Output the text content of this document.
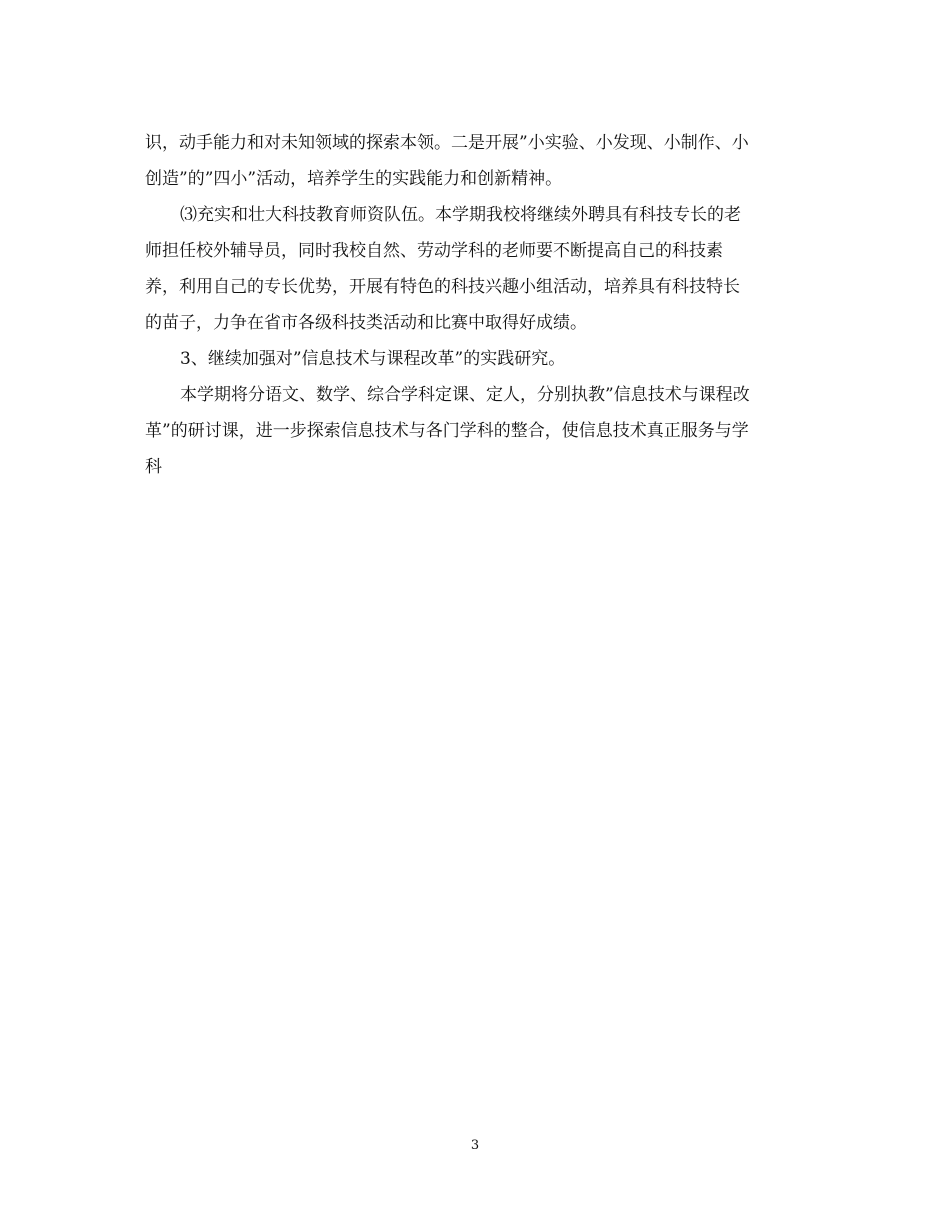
识，动手能力和对未知领域的探索本领。二是开展”小实验、小发现、小制作、小
创造”的”四小”活动，培养学生的实践能力和创新精神。
⑶充实和壮大科技教育师资队伍。本学期我校将继续外聘具有科技专长的老
师担任校外辅导员，同时我校自然、劳动学科的老师要不断提高自己的科技素
养，利用自己的专长优势，开展有特色的科技兴趣小组活动，培养具有科技特长
的苗子，力争在省市各级科技类活动和比赛中取得好成绩。
3、继续加强对”信息技术与课程改革”的实践研究。
本学期将分语文、数学、综合学科定课、定人，分别执教”信息技术与课程改
革”的研讨课，进一步探索信息技术与各门学科的整合，使信息技术真正服务与学
科
3
